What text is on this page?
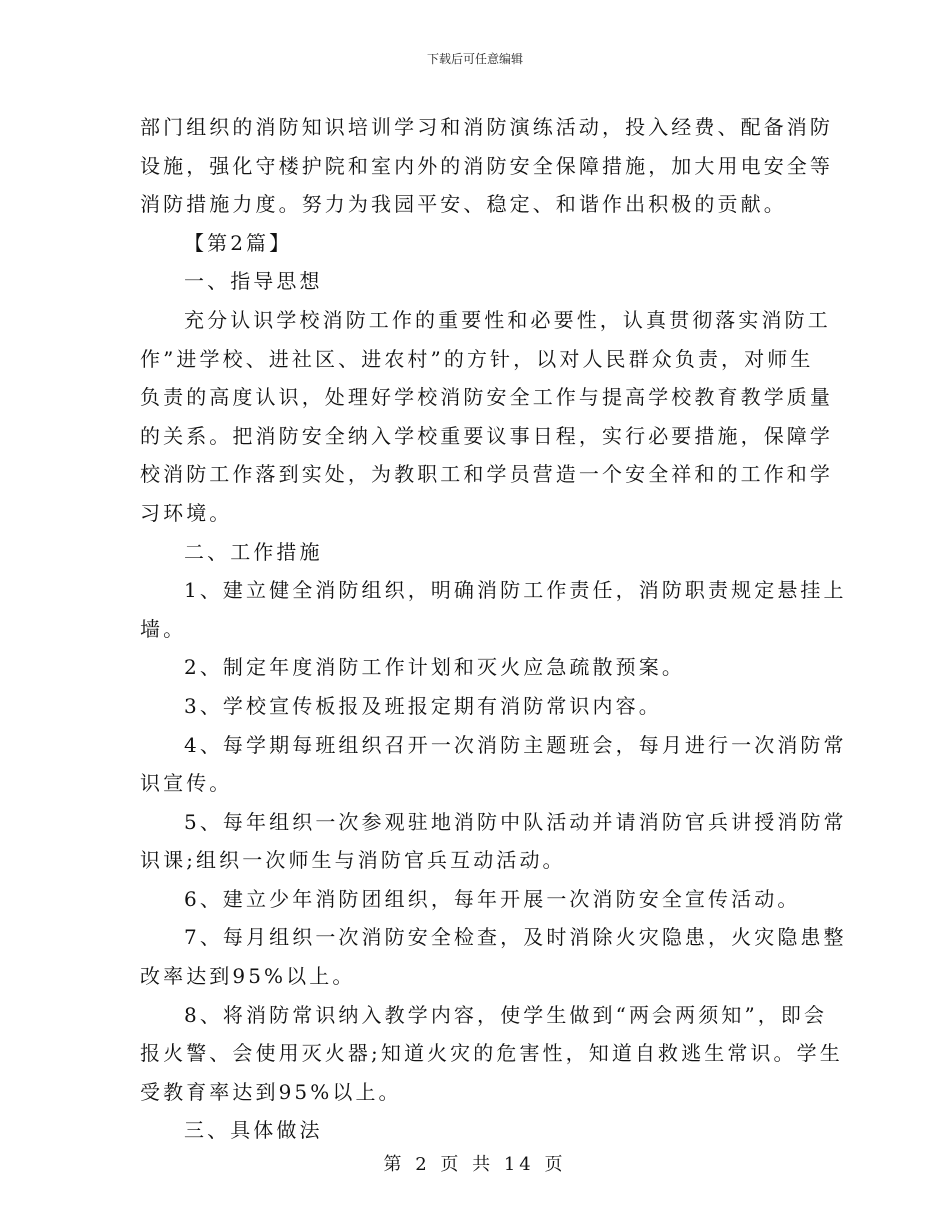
下载后可任意编辑
部门组织的消防知识培训学习和消防演练活动，投入经费、配备消防
设施，强化守楼护院和室内外的消防安全保障措施，加大用电安全等
消防措施力度。努力为我园平安、稳定、和谐作出积极的贡献。
【第2篇】
一、指导思想
充分认识学校消防工作的重要性和必要性，认真贯彻落实消防工
作”进学校、进社区、进农村”的方针，以对人民群众负责，对师生
负责的高度认识，处理好学校消防安全工作与提高学校教育教学质量
的关系。把消防安全纳入学校重要议事日程，实行必要措施，保障学
校消防工作落到实处，为教职工和学员营造一个安全祥和的工作和学
习环境。
二、工作措施
1、建立健全消防组织，明确消防工作责任，消防职责规定悬挂上
墙。
2、制定年度消防工作计划和灭火应急疏散预案。
3、学校宣传板报及班报定期有消防常识内容。
4、每学期每班组织召开一次消防主题班会，每月进行一次消防常
识宣传。
5、每年组织一次参观驻地消防中队活动并请消防官兵讲授消防常
识课;组织一次师生与消防官兵互动活动。
6、建立少年消防团组织，每年开展一次消防安全宣传活动。
7、每月组织一次消防安全检查，及时消除火灾隐患，火灾隐患整
改率达到95%以上。
8、将消防常识纳入教学内容，使学生做到“两会两须知”，即会
报火警、会使用灭火器;知道火灾的危害性，知道自救逃生常识。学生
受教育率达到95%以上。
三、具体做法
第 2 页 共 14 页
